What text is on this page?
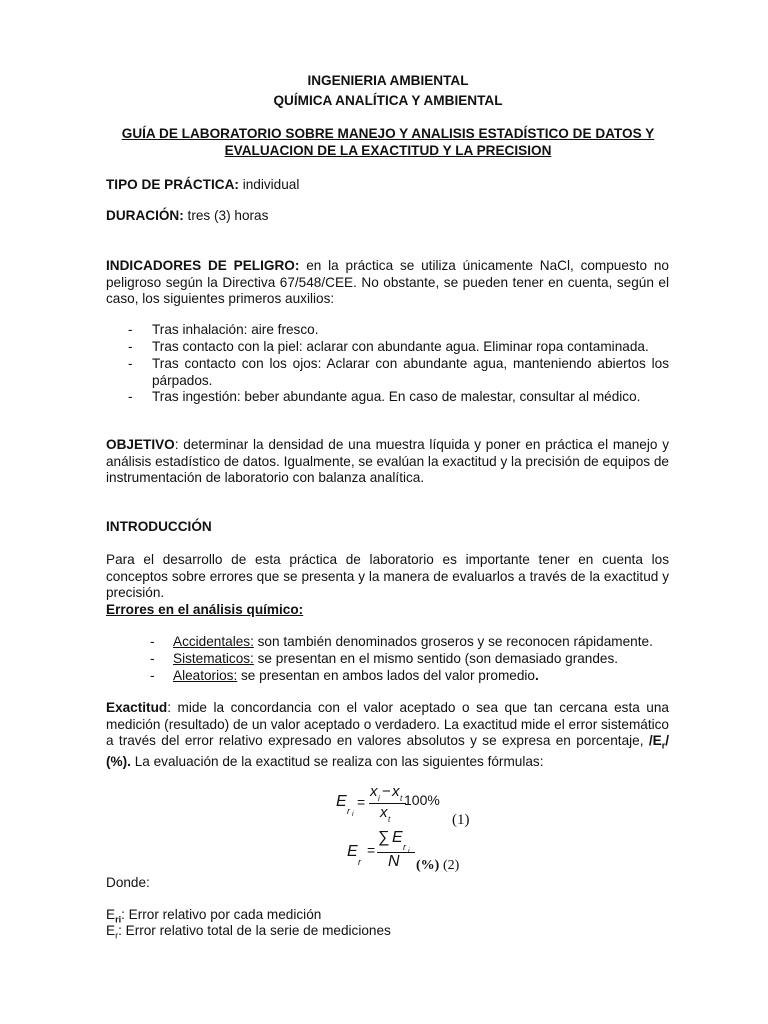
INGENIERIA AMBIENTAL
QUÍMICA ANALÍTICA Y AMBIENTAL
GUÍA DE LABORATORIO SOBRE MANEJO Y ANALISIS ESTADÍSTICO DE DATOS Y
EVALUACION DE LA EXACTITUD Y LA PRECISION
TIPO DE PRÁCTICA: individual
DURACIÓN: tres (3) horas
INDICADORES DE PELIGRO: en la práctica se utiliza únicamente NaCl, compuesto no peligroso según la Directiva 67/548/CEE. No obstante, se pueden tener en cuenta, según el caso, los siguientes primeros auxilios:
- Tras inhalación: aire fresco.
- Tras contacto con la piel: aclarar con abundante agua. Eliminar ropa contaminada.
- Tras contacto con los ojos: Aclarar con abundante agua, manteniendo abiertos los párpados.
- Tras ingestión: beber abundante agua. En caso de malestar, consultar al médico.
OBJETIVO: determinar la densidad de una muestra líquida y poner en práctica el manejo y análisis estadístico de datos. Igualmente, se evalúan la exactitud y la precisión de equipos de instrumentación de laboratorio con balanza analítica.
INTRODUCCIÓN
Para el desarrollo de esta práctica de laboratorio es importante tener en cuenta los conceptos sobre errores que se presenta y la manera de evaluarlos a través de la exactitud y precisión.
Errores en el análisis químico:
- Accidentales: son también denominados groseros y se reconocen rápidamente.
- Sistematicos: se presentan en el mismo sentido (son demasiado grandes.
- Aleatorios: se presentan en ambos lados del valor promedio.
Exactitud: mide la concordancia con el valor aceptado o sea que tan cercana esta una medición (resultado) de un valor aceptado o verdadero. La exactitud mide el error sistemático a través del error relativo expresado en valores absolutos y se expresa en porcentaje, $/E_r/$ (%). La evaluación de la exactitud se realiza con las siguientes fórmulas:
E
r i
=
x i − x t
x t
100%
(1)
E
r
=
∑ E
r
N (%) (2)
Donde:
$E_{ri}$: Error relativo por cada medición
$E_r$: Error relativo total de la serie de mediciones
